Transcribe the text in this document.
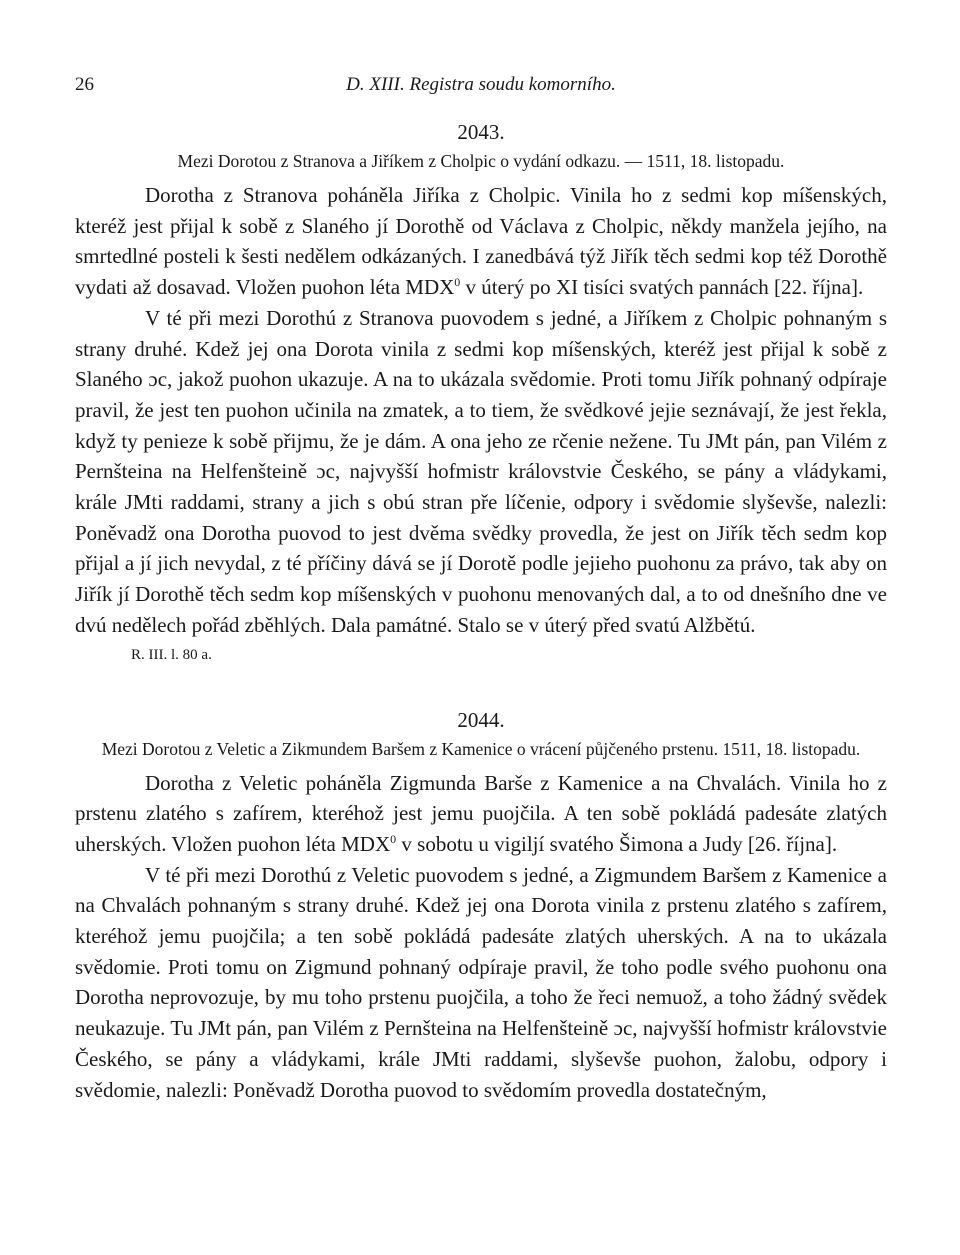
26	D. XIII. Registra soudu komorního.
2043.
Mezi Dorotou z Stranova a Jiříkem z Cholpic o vydání odkazu. — 1511, 18. listopadu.

Dorotha z Stranova poháněla Jiříka z Cholpic. Vinila ho z sedmi kop míšenských, kteréž jest přijal k sobě z Slaného jí Dorothě od Václava z Cholpic, někdy manžela jejího, na smrtedlné posteli k šesti nedělem odkázaných. I zanedbává týž Jiřík těch sedmi kop též Dorothě vydati až dosavad. Vložen puohon léta MDX$^0$ v úterý po XI tisíci svatých pannách [22. října].

V té při mezi Dorothú z Stranova puovodem s jedné, a Jiříkem z Cholpic pohnaným s strany druhé. Kdež jej ona Dorota vinila z sedmi kop míšenských, kteréž jest přijal k sobě z Slaného ɔc, jakož puohon ukazuje. A na to ukázala svědomie. Proti tomu Jiřík pohnaný odpíraje pravil, že jest ten puohon učinila na zmatek, a to tiem, že svědkové jejie seznávají, že jest řekla, když ty penieze k sobě přijmu, že je dám. A ona jeho ze rčenie nežene. Tu JMt pán, pan Vilém z Pernšteina na Helfenšteině ɔc, najvyšší hofmistr královstvie Českého, se pány a vládykami, krále JMti raddami, strany a jich s obú stran pře líčenie, odpory i svědomie slyševše, nalezli: Poněvadž ona Dorotha puovod to jest dvěma svědky provedla, že jest on Jiřík těch sedm kop přijal a jí jich nevydal, z té příčiny dává se jí Dorotě podle jejieho puohonu za právo, tak aby on Jiřík jí Dorothě těch sedm kop míšenských v puohonu menovaných dal, a to od dnešního dne ve dvú nedělech pořád zběhlých. Dala památné. Stalo se v úterý před svatú Alžbětú.

R. III. l. 80 a.
2044.
Mezi Dorotou z Veletic a Zikmundem Baršem z Kamenice o vrácení půjčeného prstenu. 1511, 18. listopadu.

Dorotha z Veletic poháněla Zigmunda Barše z Kamenice a na Chvalách. Vinila ho z prstenu zlatého s zafírem, kteréhož jest jemu puojčila. A ten sobě pokládá padesáte zlatých uherských. Vložen puohon léta MDX$^0$ v sobotu u vigiljí svatého Šimona a Judy [26. října].

V té při mezi Dorothú z Veletic puovodem s jedné, a Zigmundem Baršem z Kamenice a na Chvalách pohnaným s strany druhé. Kdež jej ona Dorota vinila z prstenu zlatého s zafírem, kteréhož jemu puojčila; a ten sobě pokládá padesáte zlatých uherských. A na to ukázala svědomie. Proti tomu on Zigmund pohnaný odpíraje pravil, že toho podle svého puohonu ona Dorotha neprovozuje, by mu toho prstenu puojčila, a toho že řeci nemuož, a toho žádný svědek neukazuje. Tu JMt pán, pan Vilém z Pernšteina na Helfenšteině ɔc, najvyšší hofmistr královstvie Českého, se pány a vládykami, krále JMti raddami, slyševše puohon, žalobu, odpory i svědomie, nalezli: Poněvadž Dorotha puovod to svědomím provedla dostatečným,
